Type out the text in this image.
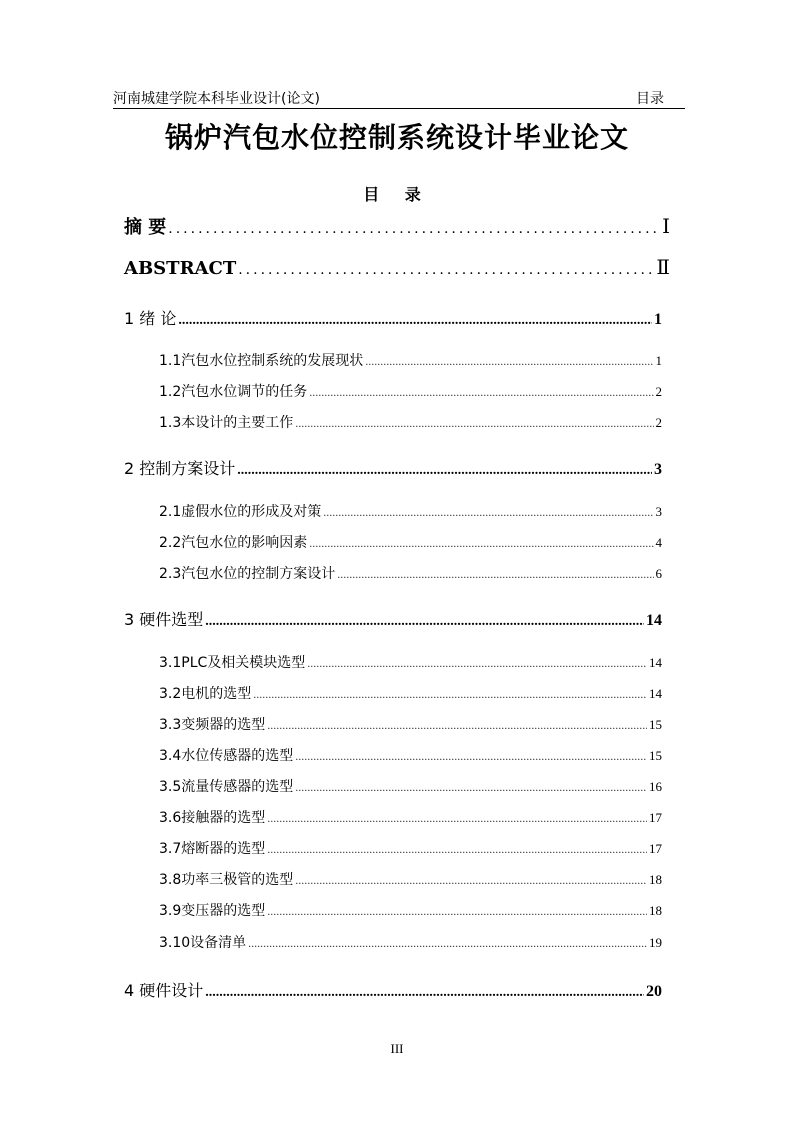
河南城建学院本科毕业设计(论文)	目录
锅炉汽包水位控制系统设计毕业论文
目 录
摘 要 .....	Ⅰ
ABSTRACT .....	Ⅱ
1 绪 论 .....	1
1.1汽包水位控制系统的发展现状 .....	1
1.2汽包水位调节的任务 .....	2
1.3本设计的主要工作 .....	2
2 控制方案设计 .....	3
2.1虚假水位的形成及对策 .....	3
2.2汽包水位的影响因素 .....	4
2.3汽包水位的控制方案设计 .....	6
3 硬件选型 .....	14
3.1PLC及相关模块选型 .....	14
3.2电机的选型 .....	14
3.3变频器的选型 .....	15
3.4水位传感器的选型 .....	15
3.5流量传感器的选型 .....	16
3.6接触器的选型 .....	17
3.7熔断器的选型 .....	17
3.8功率三极管的选型 .....	18
3.9变压器的选型 .....	18
3.10设备清单 .....	19
4 硬件设计 .....	20
III
